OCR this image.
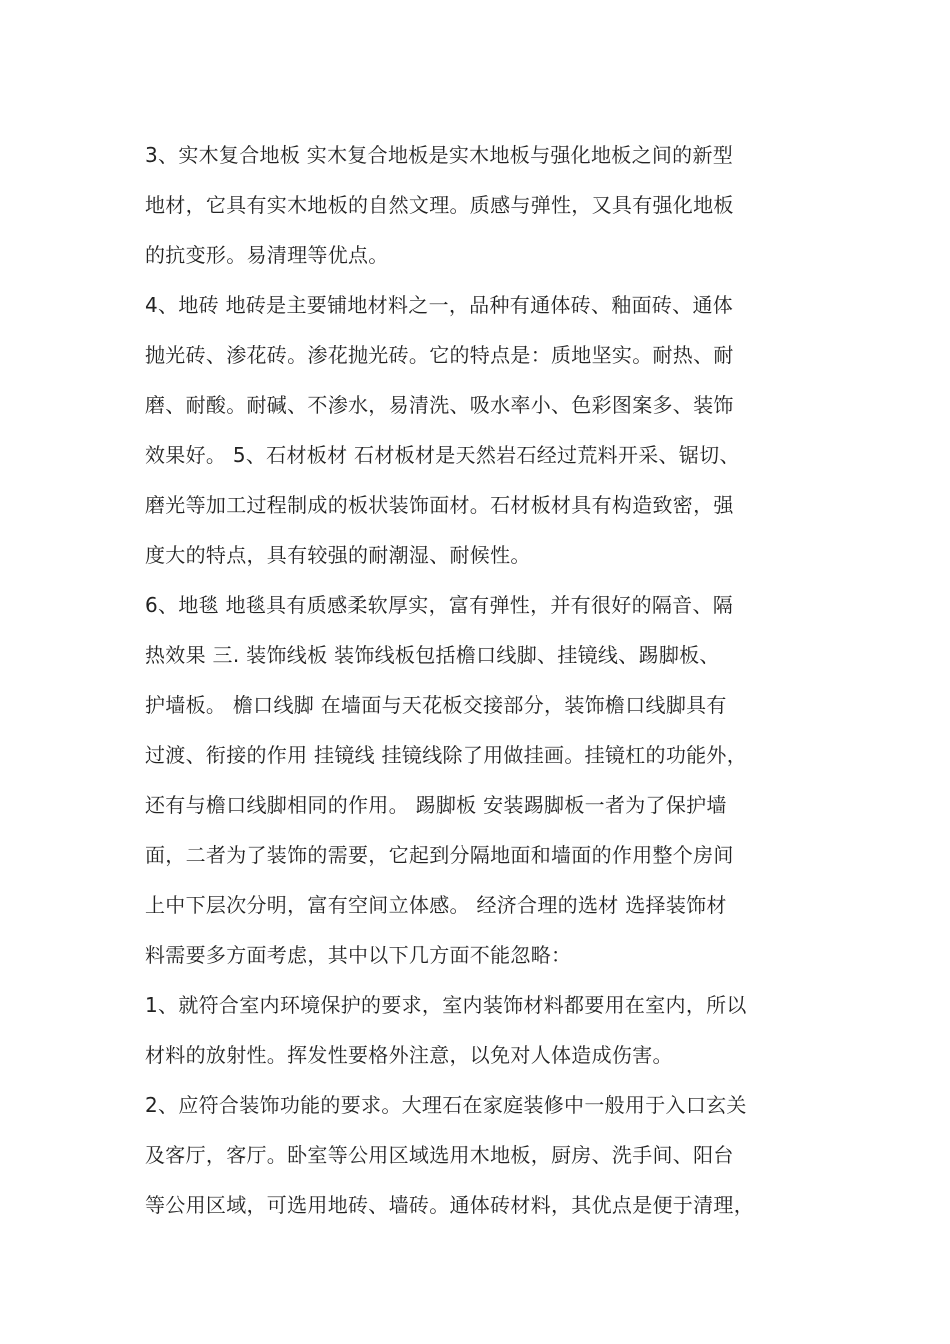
3、实木复合地板 实木复合地板是实木地板与强化地板之间的新型
地材，它具有实木地板的自然文理。质感与弹性，又具有强化地板
的抗变形。易清理等优点。
4、地砖 地砖是主要铺地材料之一，品种有通体砖、釉面砖、通体
抛光砖、渗花砖。渗花抛光砖。它的特点是：质地坚实。耐热、耐
磨、耐酸。耐碱、不渗水，易清洗、吸水率小、色彩图案多、装饰
效果好。 5、石材板材 石材板材是天然岩石经过荒料开采、锯切、
磨光等加工过程制成的板状装饰面材。石材板材具有构造致密，强
度大的特点，具有较强的耐潮湿、耐候性。
6、地毯 地毯具有质感柔软厚实，富有弹性，并有很好的隔音、隔
热效果 三. 装饰线板 装饰线板包括檐口线脚、挂镜线、踢脚板、
护墙板。 檐口线脚 在墙面与天花板交接部分，装饰檐口线脚具有
过渡、衔接的作用 挂镜线 挂镜线除了用做挂画。挂镜杠的功能外，
还有与檐口线脚相同的作用。 踢脚板 安装踢脚板一者为了保护墙
面，二者为了装饰的需要，它起到分隔地面和墙面的作用整个房间
上中下层次分明，富有空间立体感。 经济合理的选材 选择装饰材
料需要多方面考虑，其中以下几方面不能忽略：
1、就符合室内环境保护的要求，室内装饰材料都要用在室内，所以
材料的放射性。挥发性要格外注意，以免对人体造成伤害。
2、应符合装饰功能的要求。大理石在家庭装修中一般用于入口玄关
及客厅，客厅。卧室等公用区域选用木地板，厨房、洗手间、阳台
等公用区域，可选用地砖、墙砖。通体砖材料，其优点是便于清理，
